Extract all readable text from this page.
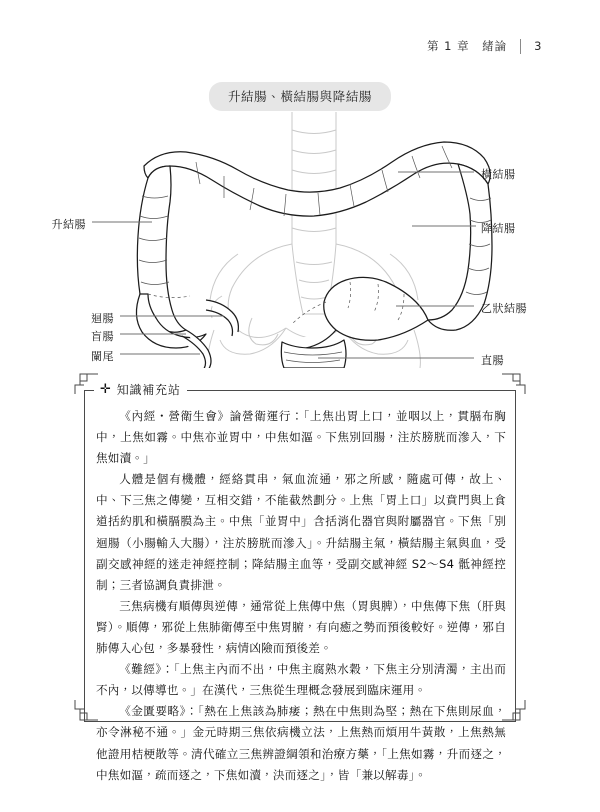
第 1 章　緒論 3
升結腸、橫結腸與降結腸
橫結腸
降結腸
乙狀結腸
直腸
升結腸
迴腸
盲腸
闌尾
✛ 知識補充站

《內經・營衛生會》論營衛運行：「上焦出胃上口，並咽以上，貫膈布胸中，上焦如霧。中焦亦並胃中，中焦如漚。下焦別回腸，注於膀胱而滲入，下焦如瀆。」

人體是個有機體，經絡貫串，氣血流通，邪之所感，隨處可傳，故上、中、下三焦之傳變，互相交錯，不能截然劃分。上焦「胃上口」以賁門與上食道括約肌和橫膈膜為主。中焦「並胃中」含括消化器官與附屬器官。下焦「別迴腸（小腸輸入大腸），注於膀胱而滲入」。升結腸主氣，橫結腸主氣與血，受副交感神經的迷走神經控制；降結腸主血等，受副交感神經 S2～S4 骶神經控制；三者協調負責排泄。

三焦病機有順傳與逆傳，通常從上焦傳中焦（胃與脾），中焦傳下焦（肝與腎）。順傳，邪從上焦肺衛傳至中焦胃腑，有向癒之勢而預後較好。逆傳，邪自肺傳入心包，多暴發性，病情凶險而預後差。

《難經》：「上焦主內而不出，中焦主腐熟水穀，下焦主分別清濁，主出而不內，以傳導也。」在漢代，三焦從生理概念發展到臨床運用。

《金匱要略》：「熱在上焦該為肺痿；熱在中焦則為堅；熱在下焦則尿血，亦令淋秘不通。」金元時期三焦依病機立法，上焦熱而煩用牛黃散，上焦熱無他證用桔梗散等。清代確立三焦辨證綱領和治療方藥，「上焦如霧，升而逐之，中焦如漚，疏而逐之，下焦如瀆，決而逐之」，皆「兼以解毒」。
